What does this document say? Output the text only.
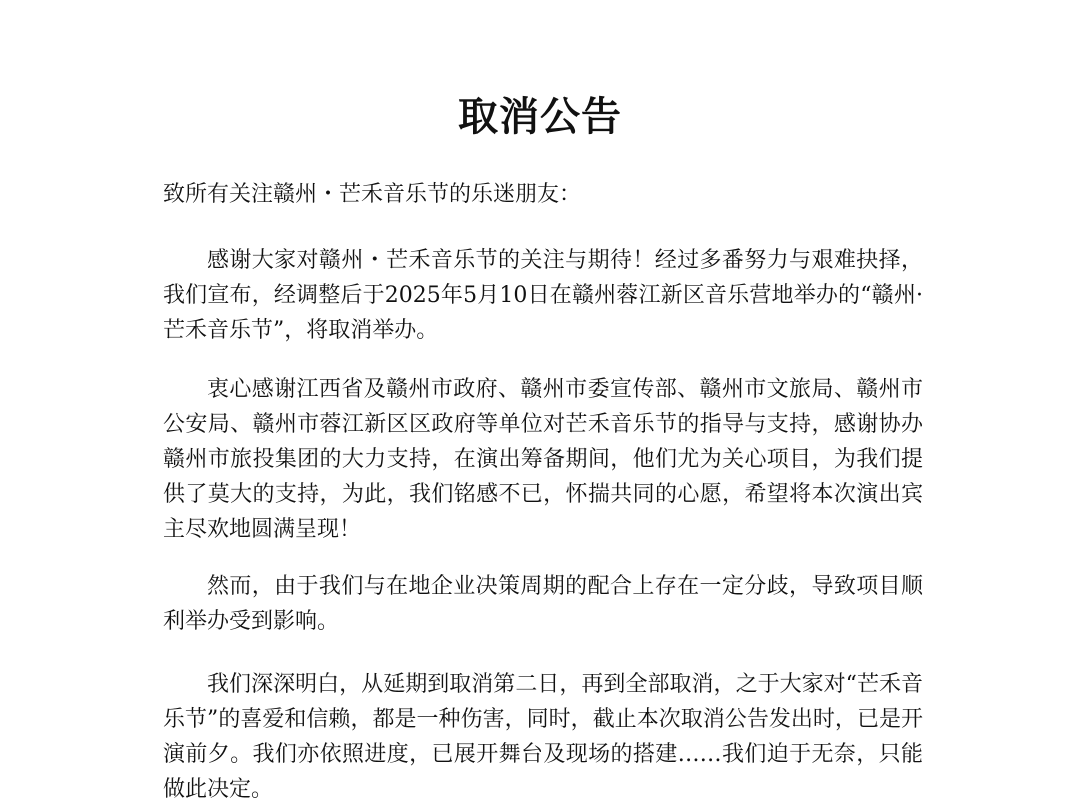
取消公告

致所有关注赣州・芒禾音乐节的乐迷朋友：

感谢大家对赣州・芒禾音乐节的关注与期待！经过多番努力与艰难抉择，我们宣布，经调整后于2025年5月10日在赣州蓉江新区音乐营地举办的“赣州·芒禾音乐节”，将取消举办。

衷心感谢江西省及赣州市政府、赣州市委宣传部、赣州市文旅局、赣州市公安局、赣州市蓉江新区区政府等单位对芒禾音乐节的指导与支持，感谢协办赣州市旅投集团的大力支持，在演出筹备期间，他们尤为关心项目，为我们提供了莫大的支持，为此，我们铭感不已，怀揣共同的心愿，希望将本次演出宾主尽欢地圆满呈现！

然而，由于我们与在地企业决策周期的配合上存在一定分歧，导致项目顺利举办受到影响。

我们深深明白，从延期到取消第二日，再到全部取消，之于大家对“芒禾音乐节”的喜爱和信赖，都是一种伤害，同时，截止本次取消公告发出时，已是开演前夕。我们亦依照进度，已展开舞台及现场的搭建……我们迫于无奈，只能做此决定。
